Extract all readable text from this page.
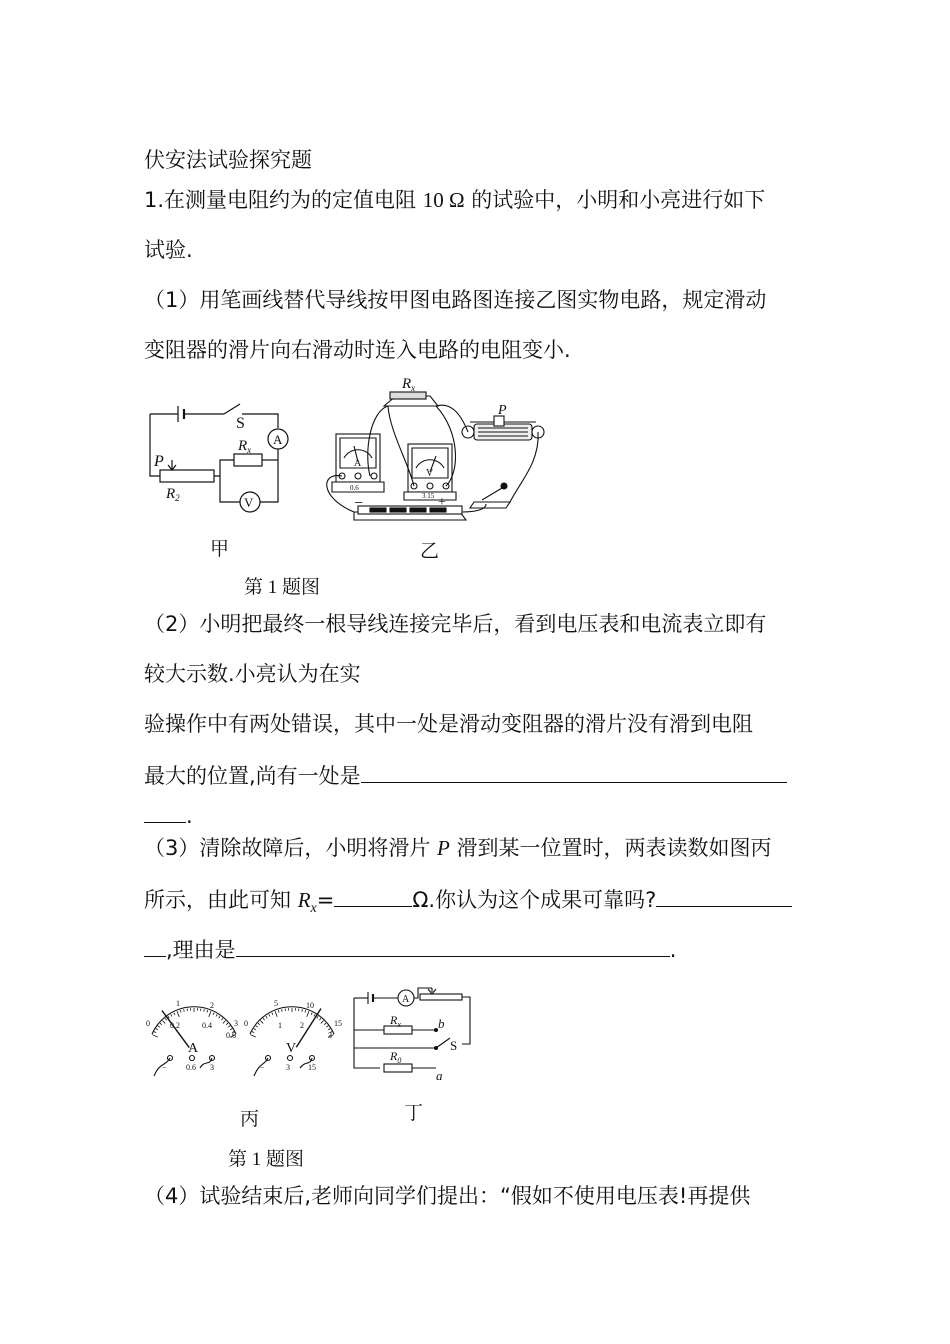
伏安法试验探究题
1.在测量电阻约为的定值电阻 10 Ω 的试验中，小明和小亮进行如下
试验.
（1）用笔画线替代导线按甲图电路图连接乙图实物电路，规定滑动
变阻器的滑片向右滑动时连入电路的电阻变小.
S
A
V
P
$R_x$
$R_2$
甲
$R_x$
P
A
V
0.6
3 15
−	+
乙
第 1 题图
（2）小明把最终一根导线连接完毕后，看到电压表和电流表立即有
较大示数.小亮认为在实
验操作中有两处错误，其中一处是滑动变阻器的滑片没有滑到电阻
最大的位置,尚有一处是
.
（3）清除故障后，小明将滑片 P 滑到某一位置时，两表读数如图丙
所示，由此可知 $R_x=$	Ω.你认为这个成果可靠吗?
,理由是	.
0	0.2	0.4
0.6
1	2
3 0	1 2
3
5	10
15
− 0.6 3	−	3 15
A	V
丙
A
$R_x$
$R_0$
b
S
a
丁
第 1 题图
（4）试验结束后,老师向同学们提出：“假如不使用电压表!再提供
